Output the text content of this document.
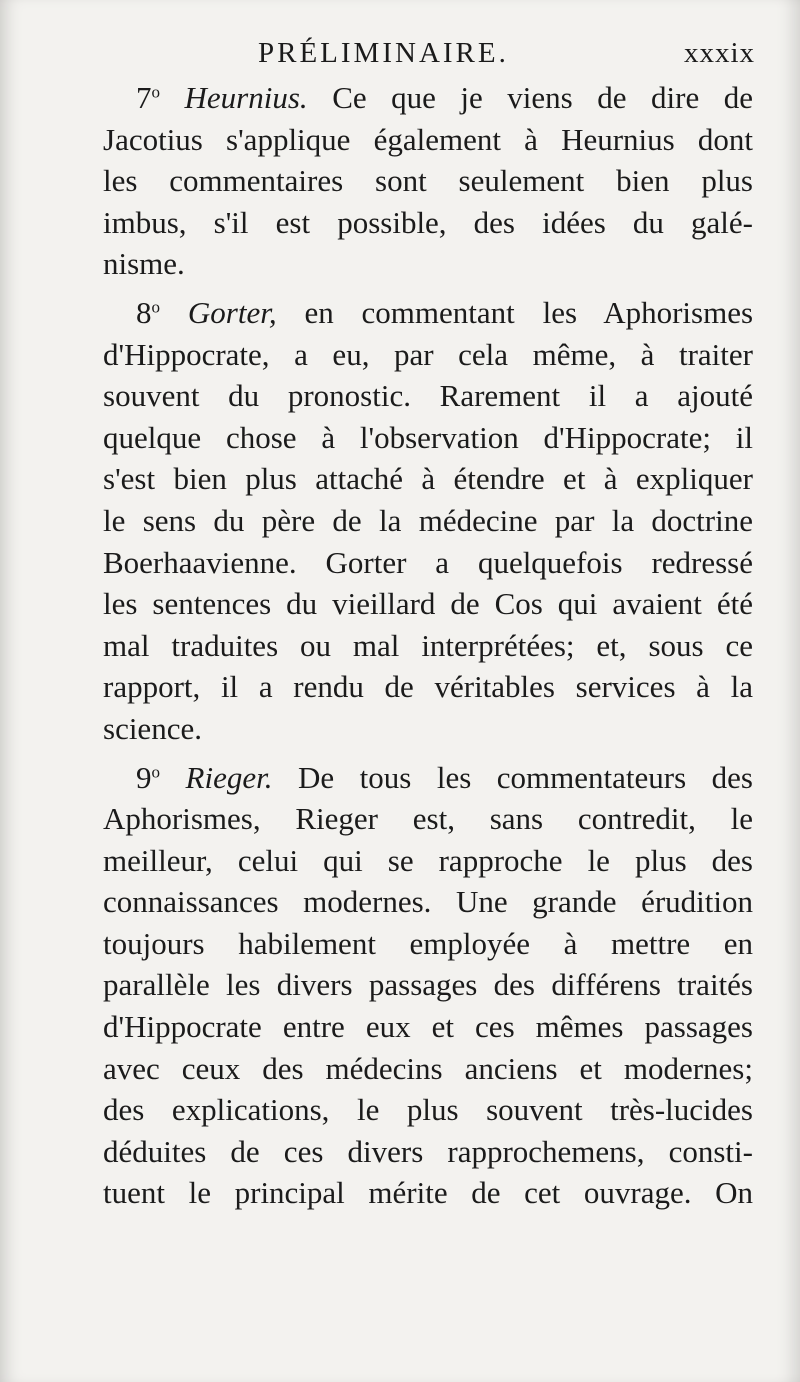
PRÉLIMINAIRE.	xxxix
7$^o$ Heurnius. Ce que je viens de dire de
Jacotius s'applique également à Heurnius dont
les commentaires sont seulement bien plus
imbus, s'il est possible, des idées du galé-
nisme.
8$^o$ Gorter, en commentant les Aphorismes
d'Hippocrate, a eu, par cela même, à traiter
souvent du pronostic. Rarement il a ajouté
quelque chose à l'observation d'Hippocrate; il
s'est bien plus attaché à étendre et à expliquer
le sens du père de la médecine par la doctrine
Boerhaavienne. Gorter a quelquefois redressé
les sentences du vieillard de Cos qui avaient été
mal traduites ou mal interprétées; et, sous ce
rapport, il a rendu de véritables services à la
science.
9$^o$ Rieger. De tous les commentateurs des
Aphorismes, Rieger est, sans contredit, le
meilleur, celui qui se rapproche le plus des
connaissances modernes. Une grande érudition
toujours habilement employée à mettre en
parallèle les divers passages des différens traités
d'Hippocrate entre eux et ces mêmes passages
avec ceux des médecins anciens et modernes;
des explications, le plus souvent très-lucides
déduites de ces divers rapprochemens, consti-
tuent le principal mérite de cet ouvrage. On
